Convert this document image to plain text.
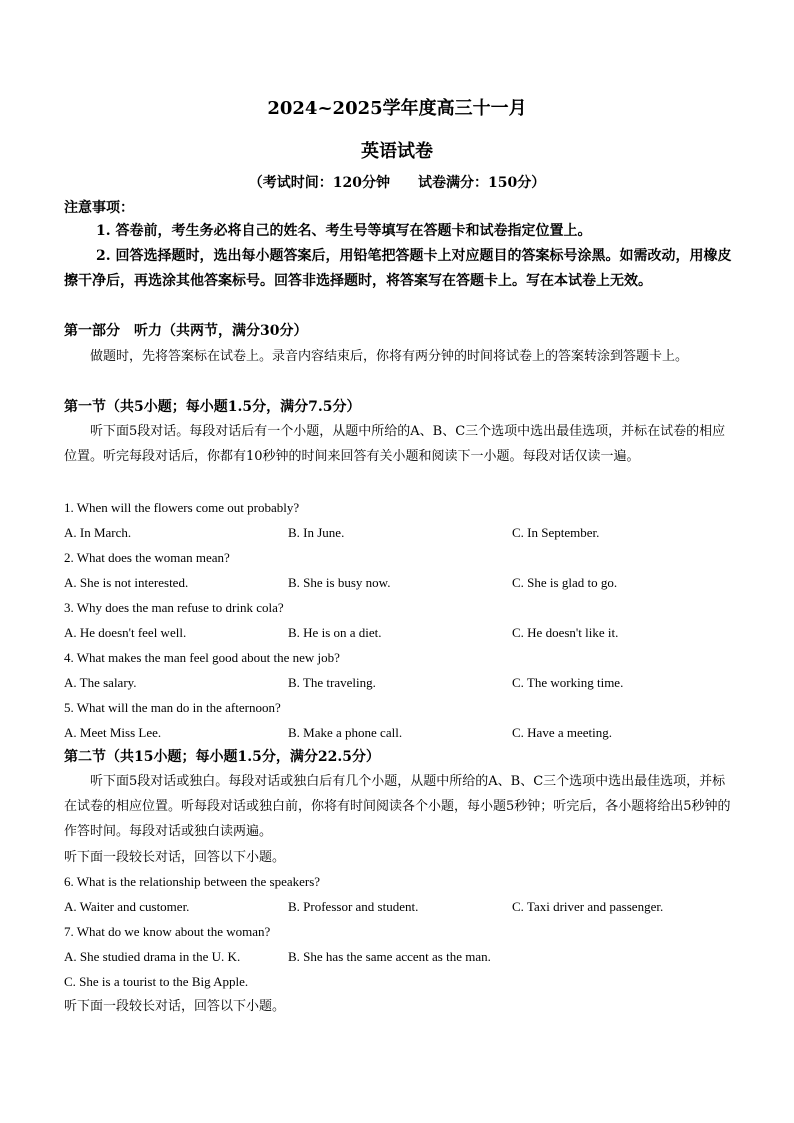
2024~2025学年度高三十一月
英语试卷
（考试时间：120分钟 试卷满分：150分）
注意事项：
1. 答卷前，考生务必将自己的姓名、考生号等填写在答题卡和试卷指定位置上。
2. 回答选择题时，选出每小题答案后，用铅笔把答题卡上对应题目的答案标号涂黑。如需改动，用橡皮擦干净后，再选涂其他答案标号。回答非选择题时，将答案写在答题卡上。写在本试卷上无效。
第一部分　听力（共两节，满分30分）
做题时，先将答案标在试卷上。录音内容结束后，你将有两分钟的时间将试卷上的答案转涂到答题卡上。
第一节（共5小题；每小题1.5分，满分7.5分）
听下面5段对话。每段对话后有一个小题，从题中所给的A、B、C三个选项中选出最佳选项，并标在试卷的相应位置。听完每段对话后，你都有10秒钟的时间来回答有关小题和阅读下一小题。每段对话仅读一遍。
1. When will the flowers come out probably?
A. In March.	B. In June.	C. In September.
2. What does the woman mean?
A. She is not interested.	B. She is busy now.	C. She is glad to go.
3. Why does the man refuse to drink cola?
A. He doesn't feel well.	B. He is on a diet.	C. He doesn't like it.
4. What makes the man feel good about the new job?
A. The salary.	B. The traveling.	C. The working time.
5. What will the man do in the afternoon?
A. Meet Miss Lee.	B. Make a phone call.	C. Have a meeting.
第二节（共15小题；每小题1.5分，满分22.5分）
听下面5段对话或独白。每段对话或独白后有几个小题，从题中所给的A、B、C三个选项中选出最佳选项，并标在试卷的相应位置。听每段对话或独白前，你将有时间阅读各个小题，每小题5秒钟；听完后，各小题将给出5秒钟的作答时间。每段对话或独白读两遍。
听下面一段较长对话，回答以下小题。
6. What is the relationship between the speakers?
A. Waiter and customer.	B. Professor and student.	C. Taxi driver and passenger.
7. What do we know about the woman?
A. She studied drama in the U. K.	B. She has the same accent as the man.
C. She is a tourist to the Big Apple.
听下面一段较长对话，回答以下小题。
